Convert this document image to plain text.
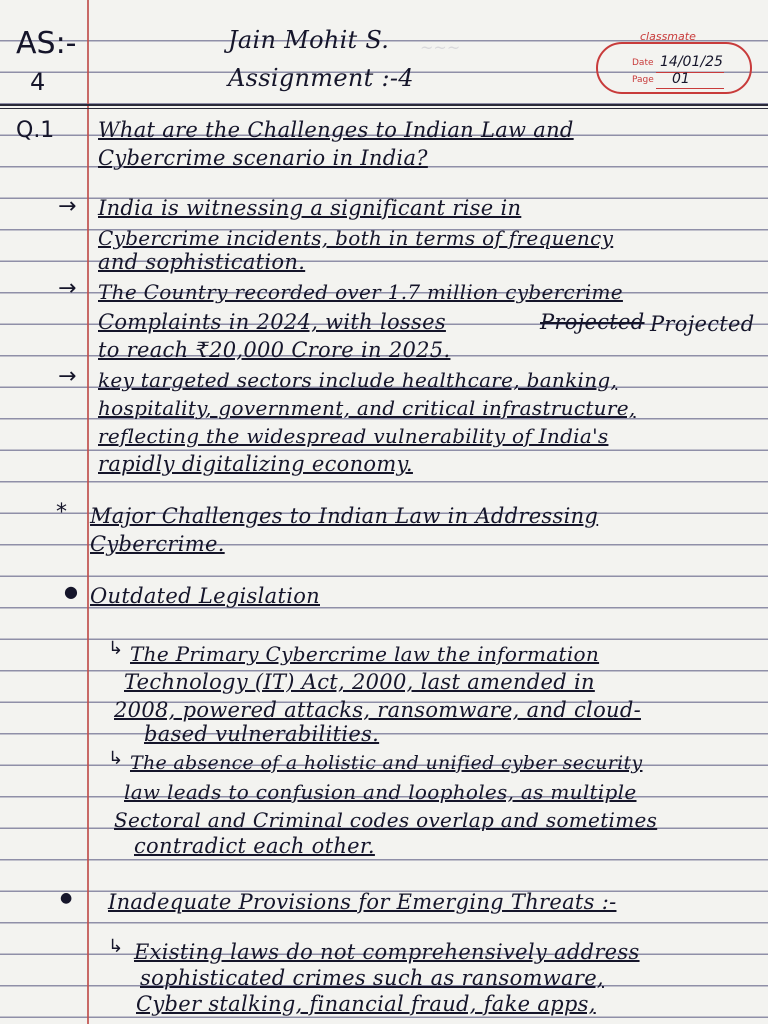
~~~
AS:-
4
Jain Mohit S.
Assignment :-4
classmate
Date 14/01/25
Page 01
Q.1 What are the Challenges to Indian Law and
Cybercrime scenario in India?
→ India is witnessing a significant rise in
Cybercrime incidents, both in terms of frequency
and sophistication.
→ The Country recorded over 1.7 million cybercrime
Complaints in 2024, with losses	Projected Projected
to reach ₹20,000 Crore in 2025.
→ key targeted sectors include healthcare, banking,
hospitality, government, and critical infrastructure,
reflecting the widespread vulnerability of India's
rapidly digitalizing economy.
* Major Challenges to Indian Law in Addressing
Cybercrime.
● Outdated Legislation
↳ The Primary Cybercrime law the information
Technology (IT) Act, 2000, last amended in
2008, powered attacks, ransomware, and cloud-
based vulnerabilities.
↳ The absence of a holistic and unified cyber security
law leads to confusion and loopholes, as multiple
Sectoral and Criminal codes overlap and sometimes
contradict each other.
● Inadequate Provisions for Emerging Threats :-
↳ Existing laws do not comprehensively address
sophisticated crimes such as ransomware,
Cyber stalking, financial fraud, fake apps,
